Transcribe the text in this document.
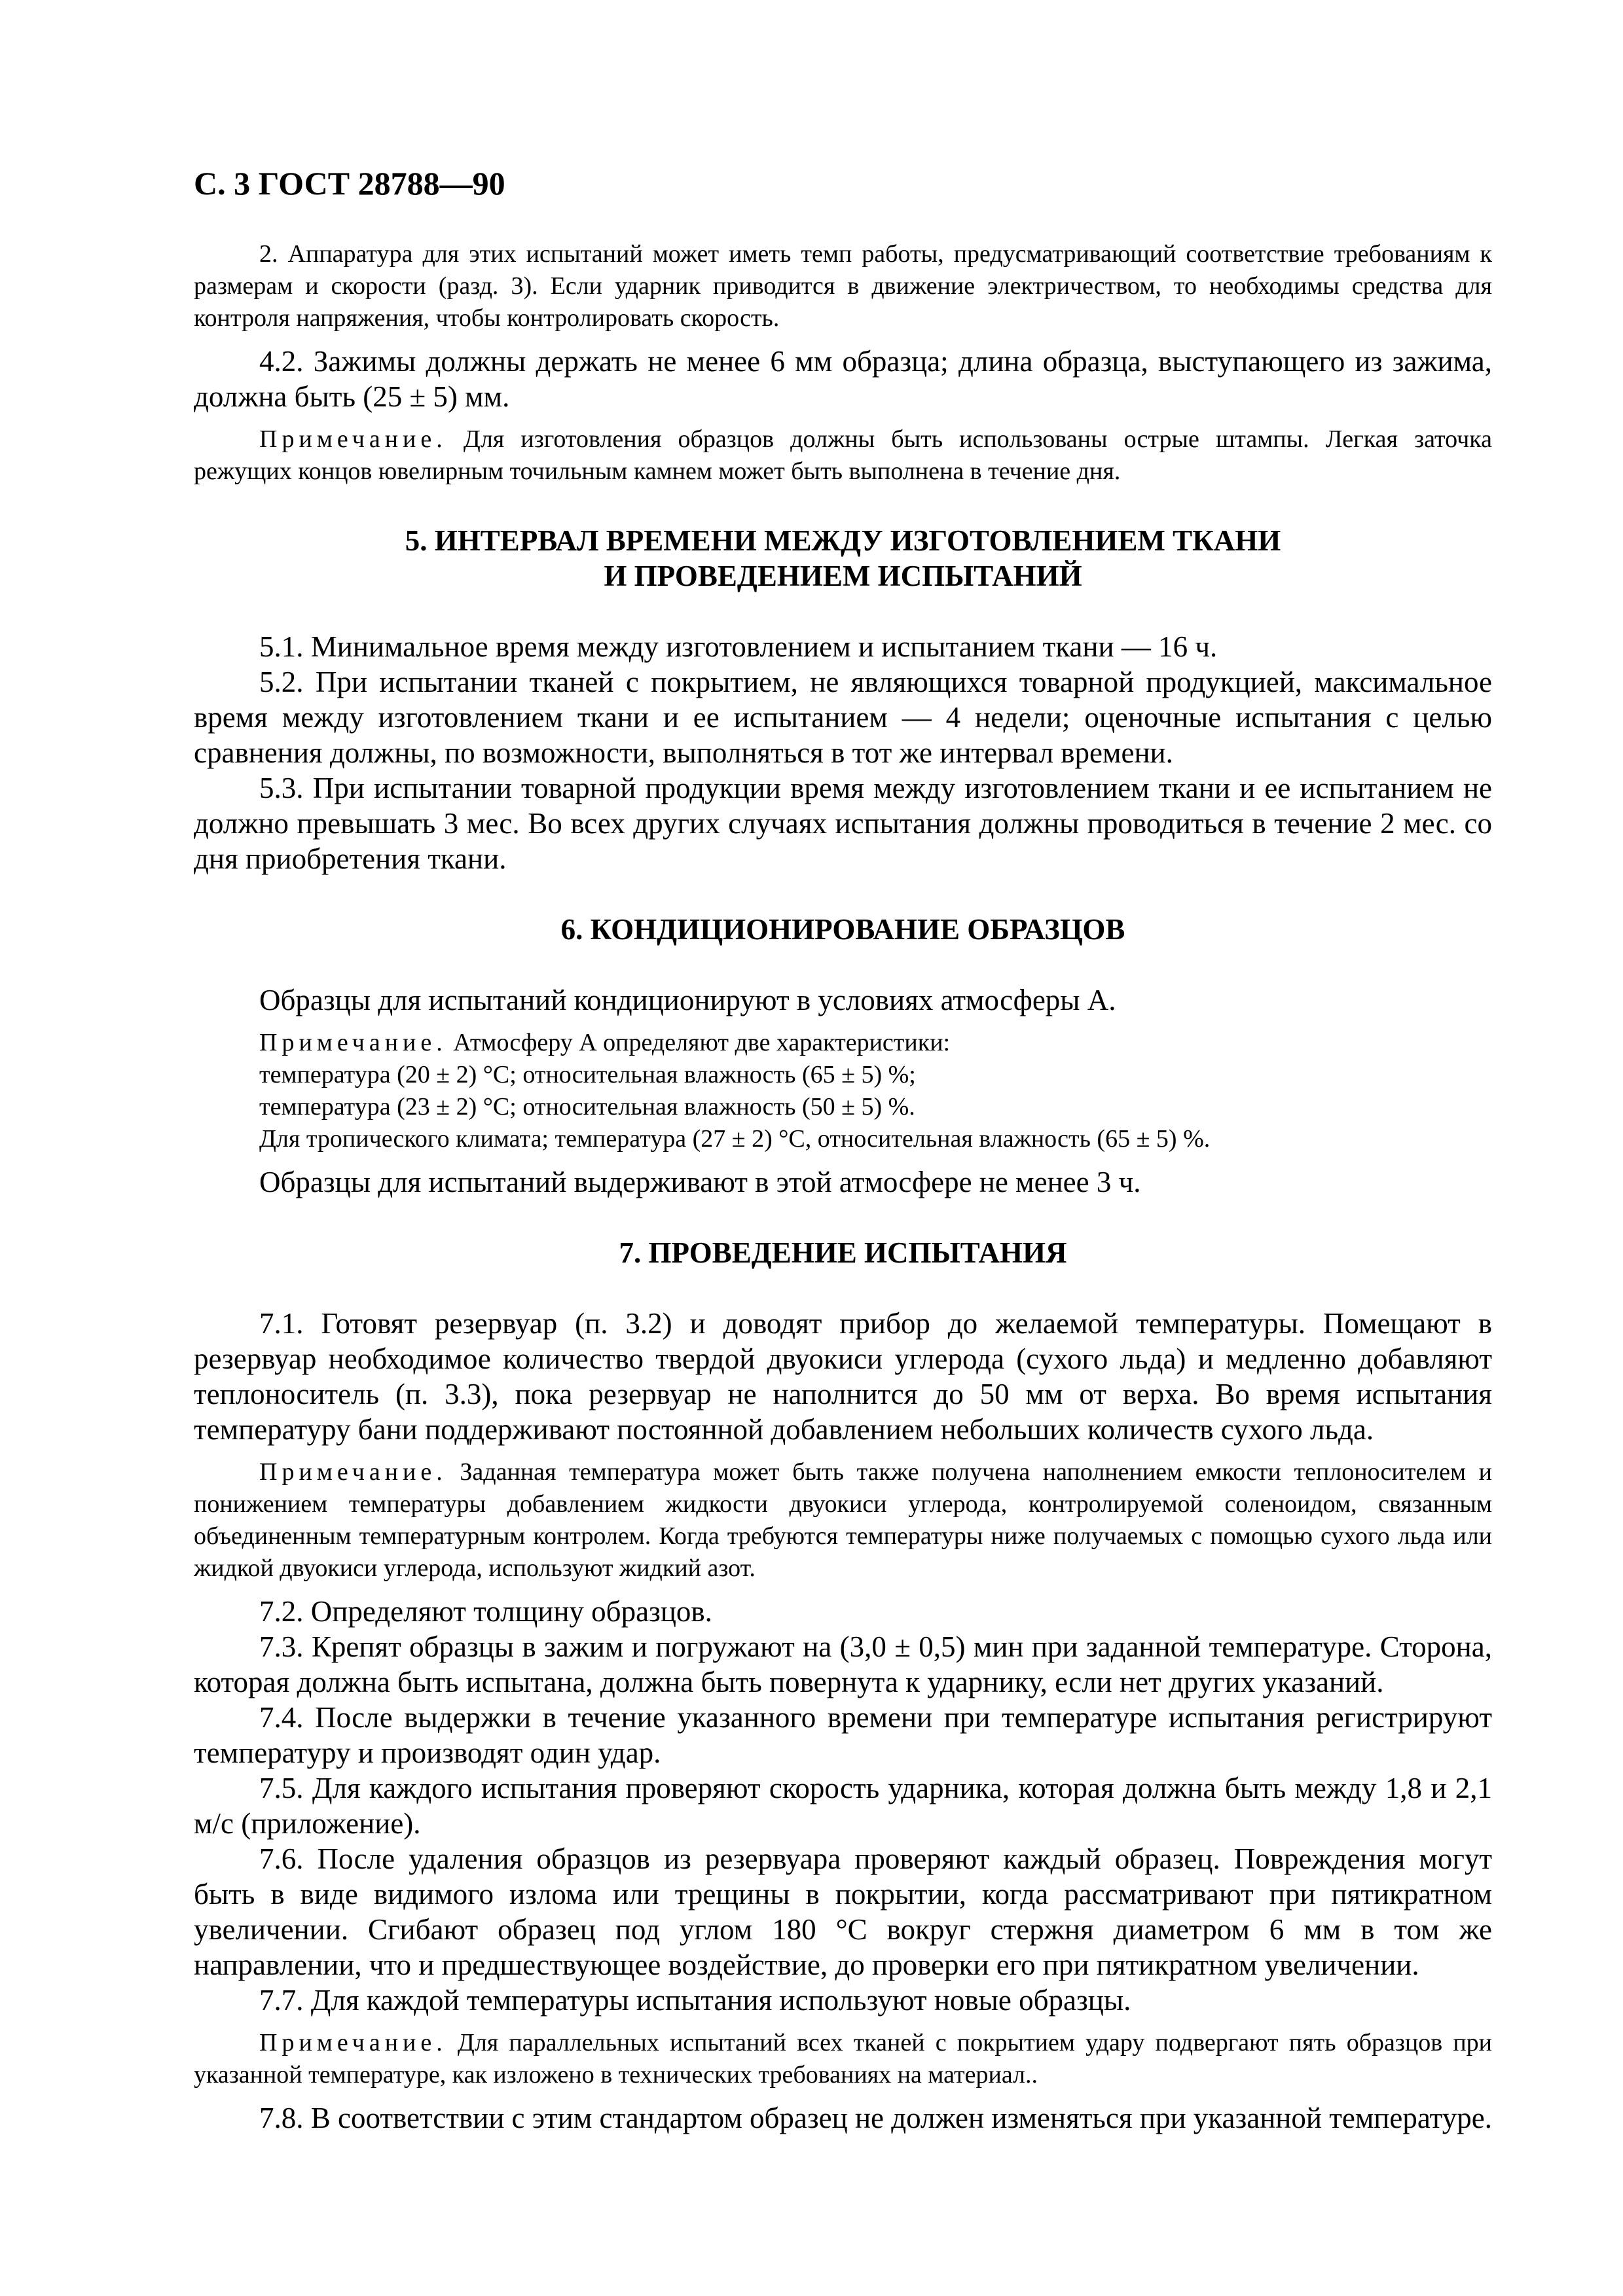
С. 3 ГОСТ 28788—90

2. Аппаратура для этих испытаний может иметь темп работы, предусматривающий соответствие требованиям к размерам и скорости (разд. 3). Если ударник приводится в движение электричеством, то необходимы средства для контроля напряжения, чтобы контролировать скорость.

4.2. Зажимы должны держать не менее 6 мм образца; длина образца, выступающего из зажима, должна быть (25 ± 5) мм.

Примечание. Для изготовления образцов должны быть использованы острые штампы. Легкая заточка режущих концов ювелирным точильным камнем может быть выполнена в течение дня.

5. ИНТЕРВАЛ ВРЕМЕНИ МЕЖДУ ИЗГОТОВЛЕНИЕМ ТКАНИ
И ПРОВЕДЕНИЕМ ИСПЫТАНИЙ

5.1. Минимальное время между изготовлением и испытанием ткани — 16 ч.

5.2. При испытании тканей с покрытием, не являющихся товарной продукцией, максимальное время между изготовлением ткани и ее испытанием — 4 недели; оценочные испытания с целью сравнения должны, по возможности, выполняться в тот же интервал времени.

5.3. При испытании товарной продукции время между изготовлением ткани и ее испытанием не должно превышать 3 мес. Во всех других случаях испытания должны проводиться в течение 2 мес. со дня приобретения ткани.

6. КОНДИЦИОНИРОВАНИЕ ОБРАЗЦОВ

Образцы для испытаний кондиционируют в условиях атмосферы А.

Примечание. Атмосферу А определяют две характеристики:

температура (20 ± 2) °С; относительная влажность (65 ± 5) %;

температура (23 ± 2) °С; относительная влажность (50 ± 5) %.

Для тропического климата; температура (27 ± 2) °С, относительная влажность (65 ± 5) %.

Образцы для испытаний выдерживают в этой атмосфере не менее 3 ч.

7. ПРОВЕДЕНИЕ ИСПЫТАНИЯ

7.1. Готовят резервуар (п. 3.2) и доводят прибор до желаемой температуры. Помещают в резервуар необходимое количество твердой двуокиси углерода (сухого льда) и медленно добавляют теплоноситель (п. 3.3), пока резервуар не наполнится до 50 мм от верха. Во время испытания температуру бани поддерживают постоянной добавлением небольших количеств сухого льда.

Примечание. Заданная температура может быть также получена наполнением емкости теплоносителем и понижением температуры добавлением жидкости двуокиси углерода, контролируемой соленоидом, связанным объединенным температурным контролем. Когда требуются температуры ниже получаемых с помощью сухого льда или жидкой двуокиси углерода, используют жидкий азот.

7.2. Определяют толщину образцов.

7.3. Крепят образцы в зажим и погружают на (3,0 ± 0,5) мин при заданной температуре. Сторона, которая должна быть испытана, должна быть повернута к ударнику, если нет других указаний.

7.4. После выдержки в течение указанного времени при температуре испытания регистрируют температуру и производят один удар.

7.5. Для каждого испытания проверяют скорость ударника, которая должна быть между 1,8 и 2,1 м/с (приложение).

7.6. После удаления образцов из резервуара проверяют каждый образец. Повреждения могут быть в виде видимого излома или трещины в покрытии, когда рассматривают при пятикратном увеличении. Сгибают образец под углом 180 °С вокруг стержня диаметром 6 мм в том же направлении, что и предшествующее воздействие, до проверки его при пятикратном увеличении.

7.7. Для каждой температуры испытания используют новые образцы.

Примечание. Для параллельных испытаний всех тканей с покрытием удару подвергают пять образцов при указанной температуре, как изложено в технических требованиях на материал..

7.8. В соответствии с этим стандартом образец не должен изменяться при указанной температуре.
